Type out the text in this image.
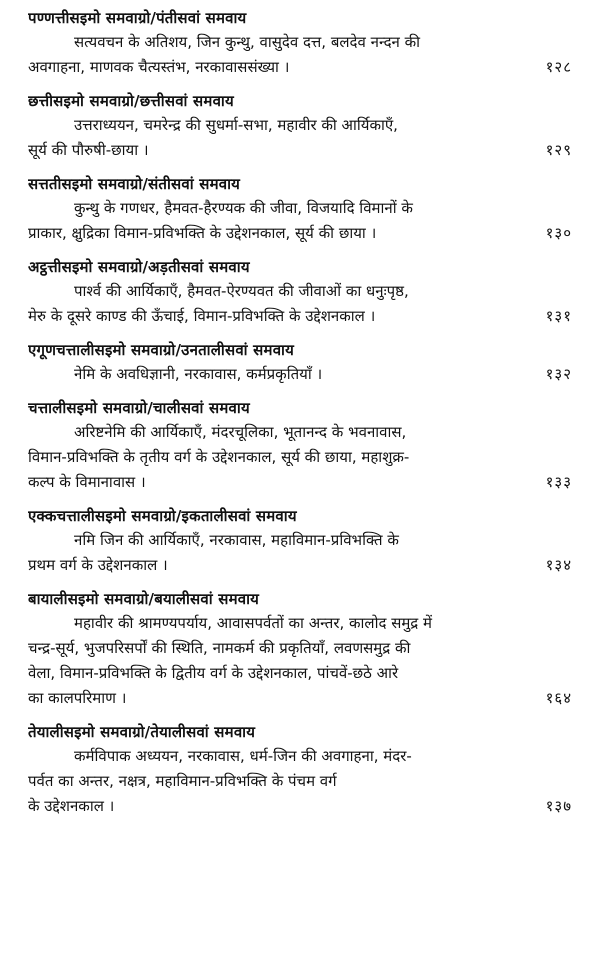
पण्णत्तीसइमो समवाग्रो/पंतीसवां समवाय
सत्यवचन के अतिशय, जिन कुन्थु, वासुदेव दत्त, बलदेव नन्दन की
अवगाहना, माणवक चैत्यस्तंभ, नरकावाससंख्या ।	१२८
छत्तीसइमो समवाग्रो/छत्तीसवां समवाय
उत्तराध्ययन, चमरेन्द्र की सुधर्मा-सभा, महावीर की आर्यिकाएँ,
सूर्य की पौरुषी-छाया ।	१२९
सत्ततीसइमो समवाग्रो/संतीसवां समवाय
कुन्थु के गणधर, हैमवत-हैरण्यक की जीवा, विजयादि विमानों के
प्राकार, क्षुद्रिका विमान-प्रविभक्ति के उद्देशनकाल, सूर्य की छाया ।	१३०
अट्ठत्तीसइमो समवाग्रो/अड़तीसवां समवाय
पार्श्व की आर्यिकाएँ, हैमवत-ऐरण्यवत की जीवाओं का धनुःपृष्ठ,
मेरु के दूसरे काण्ड की ऊँचाई, विमान-प्रविभक्ति के उद्देशनकाल ।	१३१
एगूणचत्तालीसइमो समवाग्रो/उनतालीसवां समवाय
नेमि के अवधिज्ञानी, नरकावास, कर्मप्रकृतियाँ ।	१३२
चत्तालीसइमो समवाग्रो/चालीसवां समवाय
अरिष्टनेमि की आर्यिकाएँ, मंदरचूलिका, भूतानन्द के भवनावास,
विमान-प्रविभक्ति के तृतीय वर्ग के उद्देशनकाल, सूर्य की छाया, महाशुक्र-
कल्प के विमानावास ।	१३३
एक्कचत्तालीसइमो समवाग्रो/इकतालीसवां समवाय
नमि जिन की आर्यिकाएँ, नरकावास, महाविमान-प्रविभक्ति के
प्रथम वर्ग के उद्देशनकाल ।	१३४
बायालीसइमो समवाग्रो/बयालीसवां समवाय
महावीर की श्रामण्यपर्याय, आवासपर्वतों का अन्तर, कालोद समुद्र में
चन्द्र-सूर्य, भुजपरिसर्पों की स्थिति, नामकर्म की प्रकृतियाँ, लवणसमुद्र की
वेला, विमान-प्रविभक्ति के द्वितीय वर्ग के उद्देशनकाल, पांचवें-छठे आरे
का कालपरिमाण ।	१६४
तेयालीसइमो समवाग्रो/तेयालीसवां समवाय
कर्मविपाक अध्ययन, नरकावास, धर्म-जिन की अवगाहना, मंदर-
पर्वत का अन्तर, नक्षत्र, महाविमान-प्रविभक्ति के पंचम वर्ग
के उद्देशनकाल ।	१३७
